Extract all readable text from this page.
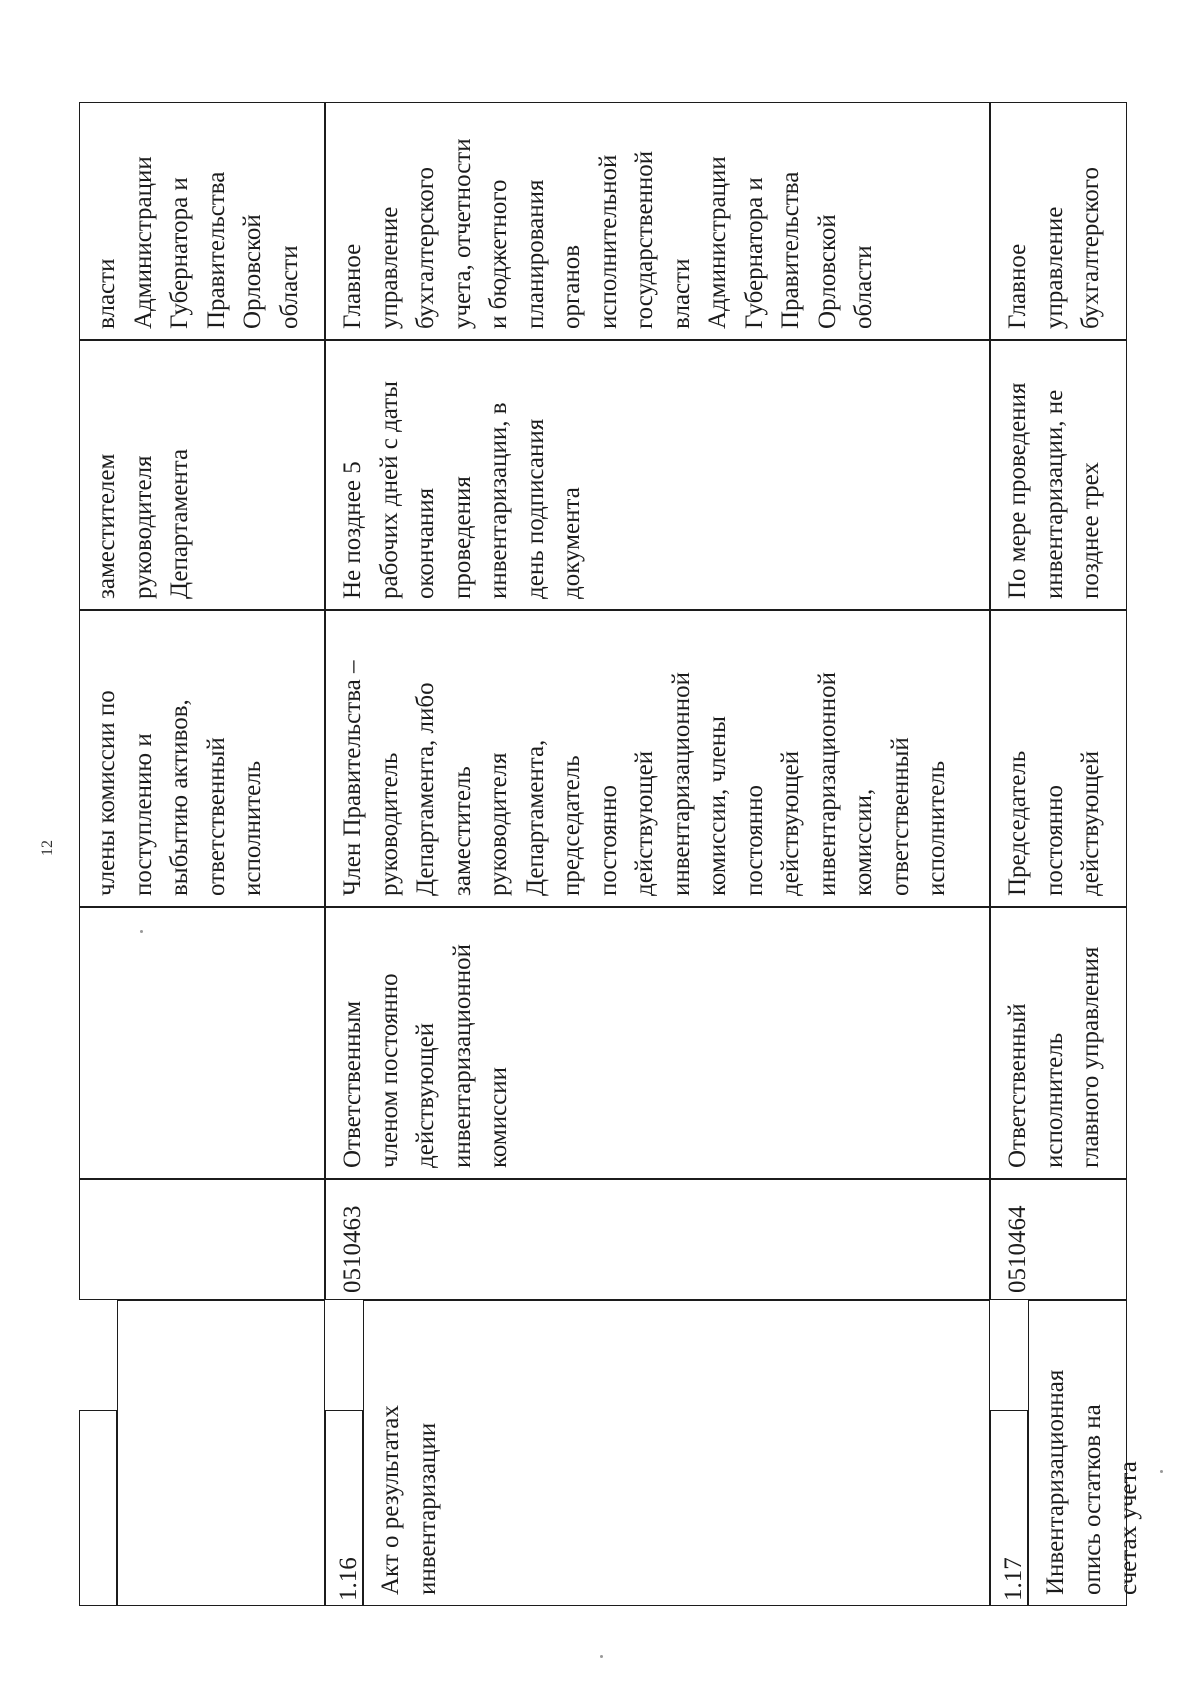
12	члены комиссии по
поступлению и
выбытию активов,
ответственный
исполнитель
заместителем
руководителя
Департамента
власти
Администрации
Губернатора и
Правительства
Орловской
области
1.16 Акт о результатах
инвентаризации
0510463
Ответственным
членом постоянно
действующей
инвентаризационной
комиссии
Член Правительства –
руководитель
Департамента, либо
заместитель
руководителя
Департамента,
председатель
постоянно
действующей
инвентаризационной
комиссии, члены
постоянно
действующей
инвентаризационной
комиссии,
ответственный
исполнитель
Не позднее 5
рабочих дней с даты
окончания
проведения
инвентаризации, в
день подписания
документа
Главное
управление
бухгалтерского
учета, отчетности
и бюджетного
планирования
органов
исполнительной
государственной
власти
Администрации
Губернатора и
Правительства
Орловской
области
1.17 Инвентаризационная
опись остатков на
счетах учета
0510464
Ответственный
исполнитель
главного управления
Председатель
постоянно
действующей
По мере проведения
инвентаризации, не
позднее трех
Главное
управление
бухгалтерского
